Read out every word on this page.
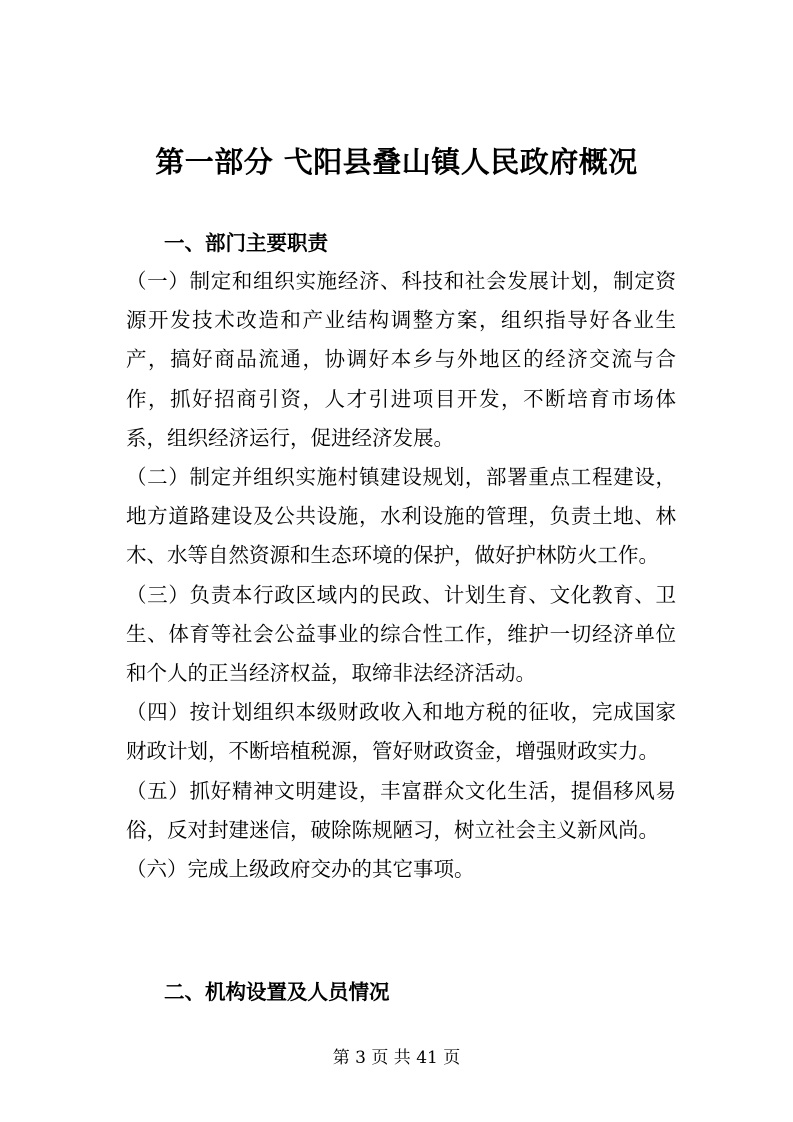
第一部分 弋阳县叠山镇人民政府概况
一、部门主要职责

（一）制定和组织实施经济、科技和社会发展计划，制定资源开发技术改造和产业结构调整方案，组织指导好各业生产，搞好商品流通，协调好本乡与外地区的经济交流与合作，抓好招商引资，人才引进项目开发，不断培育市场体系，组织经济运行，促进经济发展。

（二）制定并组织实施村镇建设规划，部署重点工程建设，地方道路建设及公共设施，水利设施的管理，负责土地、林木、水等自然资源和生态环境的保护，做好护林防火工作。

（三）负责本行政区域内的民政、计划生育、文化教育、卫生、体育等社会公益事业的综合性工作，维护一切经济单位和个人的正当经济权益，取缔非法经济活动。

（四）按计划组织本级财政收入和地方税的征收，完成国家财政计划，不断培植税源，管好财政资金，增强财政实力。

（五）抓好精神文明建设，丰富群众文化生活，提倡移风易俗，反对封建迷信，破除陈规陋习，树立社会主义新风尚。

（六）完成上级政府交办的其它事项。

二、机构设置及人员情况
第 3 页 共 41 页
